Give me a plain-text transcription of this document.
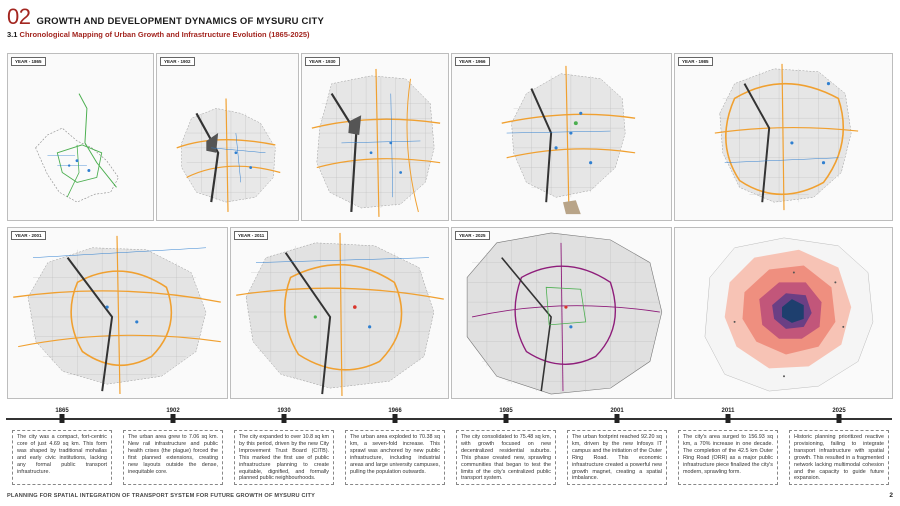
02 GROWTH AND DEVELOPMENT DYNAMICS OF MYSURU CITY
3.1 Chronological Mapping of Urban Growth and Infrastructure Evolution (1865-2025)
YEAR - 1865	YEAR - 1902	YEAR - 1930	YEAR - 1966	YEAR - 1985
YEAR - 2001	YEAR - 2011	YEAR - 2025
1865	1902	1930	1966	1985	2001	2011	2025
The city was a compact, fort-centric core of just 4.69 sq km. This form was shaped by traditional mohallas and early civic institutions, lacking any formal public transport infrastructure.
The urban area grew to 7.06 sq km. New rail infrastructure and public health crises (the plague) forced the first planned extensions, creating new layouts outside the dense, inequitable core.
The city expanded to over 10.8 sq km by this period, driven by the new City Improvement Trust Board (CITB). This marked the first use of public infrastructure planning to create equitable, dignified, and formally planned public neighbourhoods.
The urban area exploded to 70.38 sq km, a seven-fold increase. This sprawl was anchored by new public infrastructure, including industrial areas and large university campuses, pulling the population outwards.
The city consolidated to 75.48 sq km, with growth focused on new decentralized residential suburbs. This phase created new, sprawling communities that began to test the limits of the city's centralized public transport system.
The urban footprint reached 92.20 sq km, driven by the new Infosys IT campus and the initiation of the Outer Ring Road. This economic infrastructure created a powerful new growth magnet, creating a spatial imbalance.
The city's area surged to 156.93 sq km, a 70% increase in one decade. The completion of the 42.5 km Outer Ring Road (ORR) as a major public infrastructure piece finalized the city's modern, sprawling form.
Historic planning prioritized reactive provisioning, failing to integrate transport infrastructure with spatial growth. This resulted in a fragmented network lacking multimodal cohesion and the capacity to guide future expansion.
PLANNING FOR SPATIAL INTEGRATION OF TRANSPORT SYSTEM FOR FUTURE GROWTH OF MYSURU CITY	2
